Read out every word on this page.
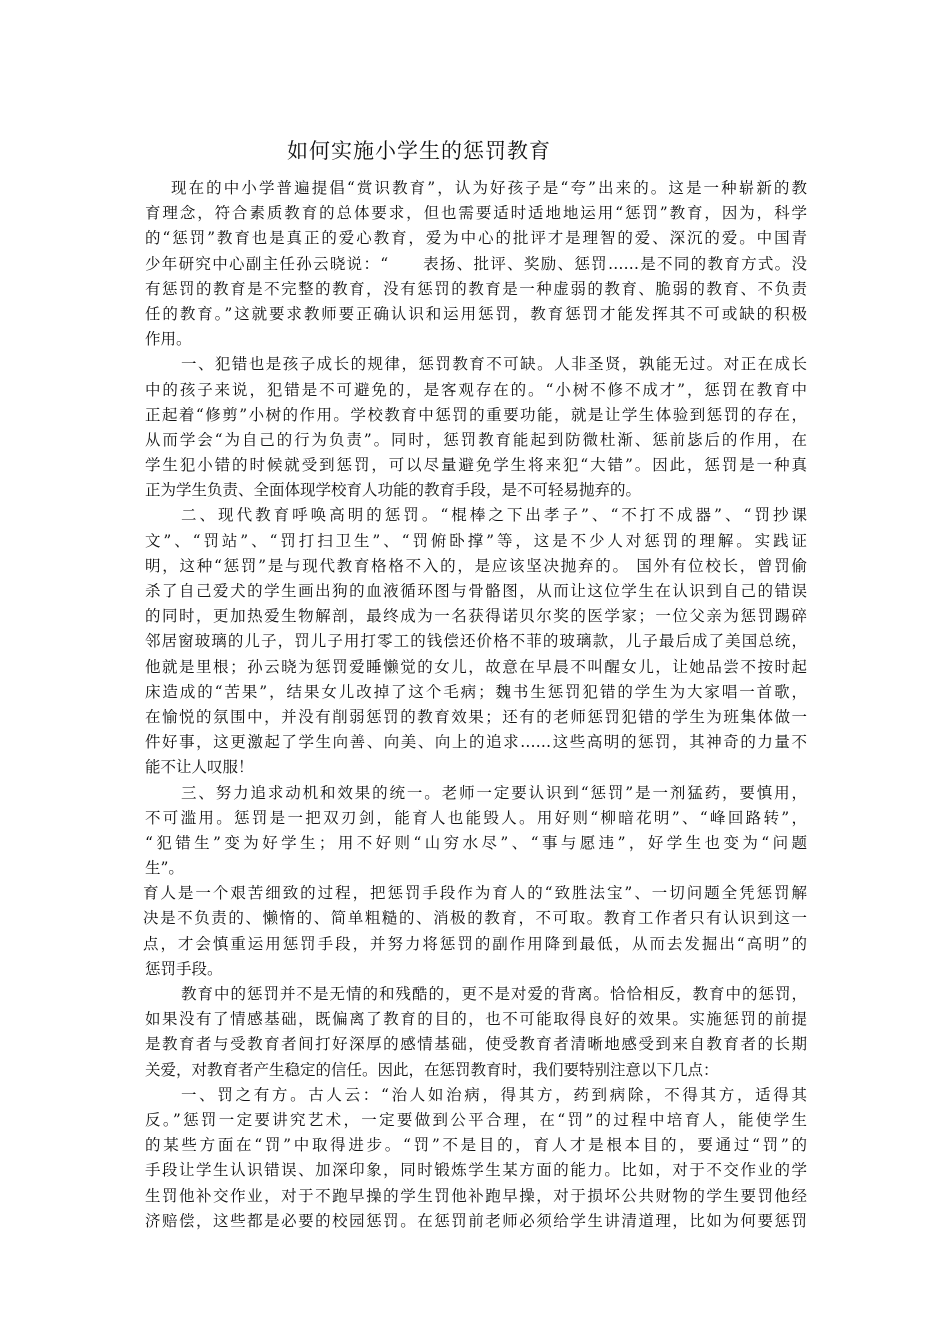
如何实施小学生的惩罚教育
现在的中小学普遍提倡“赏识教育”，认为好孩子是“夸”出来的。这是一种崭新的教
育理念，符合素质教育的总体要求，但也需要适时适地地运用“惩罚”教育，因为，科学
的“惩罚”教育也是真正的爱心教育，爱为中心的批评才是理智的爱、深沉的爱。中国青
少年研究中心副主任孙云晓说：“　　表扬、批评、奖励、惩罚……是不同的教育方式。没
有惩罚的教育是不完整的教育，没有惩罚的教育是一种虚弱的教育、脆弱的教育、不负责
任的教育。”这就要求教师要正确认识和运用惩罚，教育惩罚才能发挥其不可或缺的积极
作用。
一、犯错也是孩子成长的规律，惩罚教育不可缺。人非圣贤，孰能无过。对正在成长
中的孩子来说，犯错是不可避免的，是客观存在的。“小树不修不成才”，惩罚在教育中
正起着“修剪”小树的作用。学校教育中惩罚的重要功能，就是让学生体验到惩罚的存在，
从而学会“为自己的行为负责”。同时，惩罚教育能起到防微杜渐、惩前毖后的作用，在
学生犯小错的时候就受到惩罚，可以尽量避免学生将来犯“大错”。因此，惩罚是一种真
正为学生负责、全面体现学校育人功能的教育手段，是不可轻易抛弃的。
二、现代教育呼唤高明的惩罚。“棍棒之下出孝子”、“不打不成器”、“罚抄课
文”、“罚站”、“罚打扫卫生”、“罚俯卧撑”等，这是不少人对惩罚的理解。实践证
明，这种“惩罚”是与现代教育格格不入的，是应该坚决抛弃的。 国外有位校长，曾罚偷
杀了自己爱犬的学生画出狗的血液循环图与骨骼图，从而让这位学生在认识到自己的错误
的同时，更加热爱生物解剖，最终成为一名获得诺贝尔奖的医学家；一位父亲为惩罚踢碎
邻居窗玻璃的儿子，罚儿子用打零工的钱偿还价格不菲的玻璃款，儿子最后成了美国总统，
他就是里根；孙云晓为惩罚爱睡懒觉的女儿，故意在早晨不叫醒女儿，让她品尝不按时起
床造成的“苦果”，结果女儿改掉了这个毛病；魏书生惩罚犯错的学生为大家唱一首歌，
在愉悦的氛围中，并没有削弱惩罚的教育效果；还有的老师惩罚犯错的学生为班集体做一
件好事，这更激起了学生向善、向美、向上的追求……这些高明的惩罚，其神奇的力量不
能不让人叹服！
三、努力追求动机和效果的统一。老师一定要认识到“惩罚”是一剂猛药，要慎用，
不可滥用。惩罚是一把双刃剑，能育人也能毁人。用好则“柳暗花明”、“峰回路转”，
“犯错生”变为好学生；用不好则“山穷水尽”、“事与愿违”，好学生也变为“问题
生”。
育人是一个艰苦细致的过程，把惩罚手段作为育人的“致胜法宝”、一切问题全凭惩罚解
决是不负责的、懒惰的、简单粗糙的、消极的教育，不可取。教育工作者只有认识到这一
点，才会慎重运用惩罚手段，并努力将惩罚的副作用降到最低，从而去发掘出“高明”的
惩罚手段。
教育中的惩罚并不是无情的和残酷的，更不是对爱的背离。恰恰相反，教育中的惩罚，
如果没有了情感基础，既偏离了教育的目的，也不可能取得良好的效果。实施惩罚的前提
是教育者与受教育者间打好深厚的感情基础，使受教育者清晰地感受到来自教育者的长期
关爱，对教育者产生稳定的信任。因此，在惩罚教育时，我们要特别注意以下几点：
一、罚之有方。古人云：“治人如治病，得其方，药到病除，不得其方，适得其
反。”惩罚一定要讲究艺术，一定要做到公平合理，在“罚”的过程中培育人，能使学生
的某些方面在“罚”中取得进步。“罚”不是目的，育人才是根本目的，要通过“罚”的
手段让学生认识错误、加深印象，同时锻炼学生某方面的能力。比如，对于不交作业的学
生罚他补交作业，对于不跑早操的学生罚他补跑早操，对于损坏公共财物的学生要罚他经
济赔偿，这些都是必要的校园惩罚。在惩罚前老师必须给学生讲清道理，比如为何要惩罚
